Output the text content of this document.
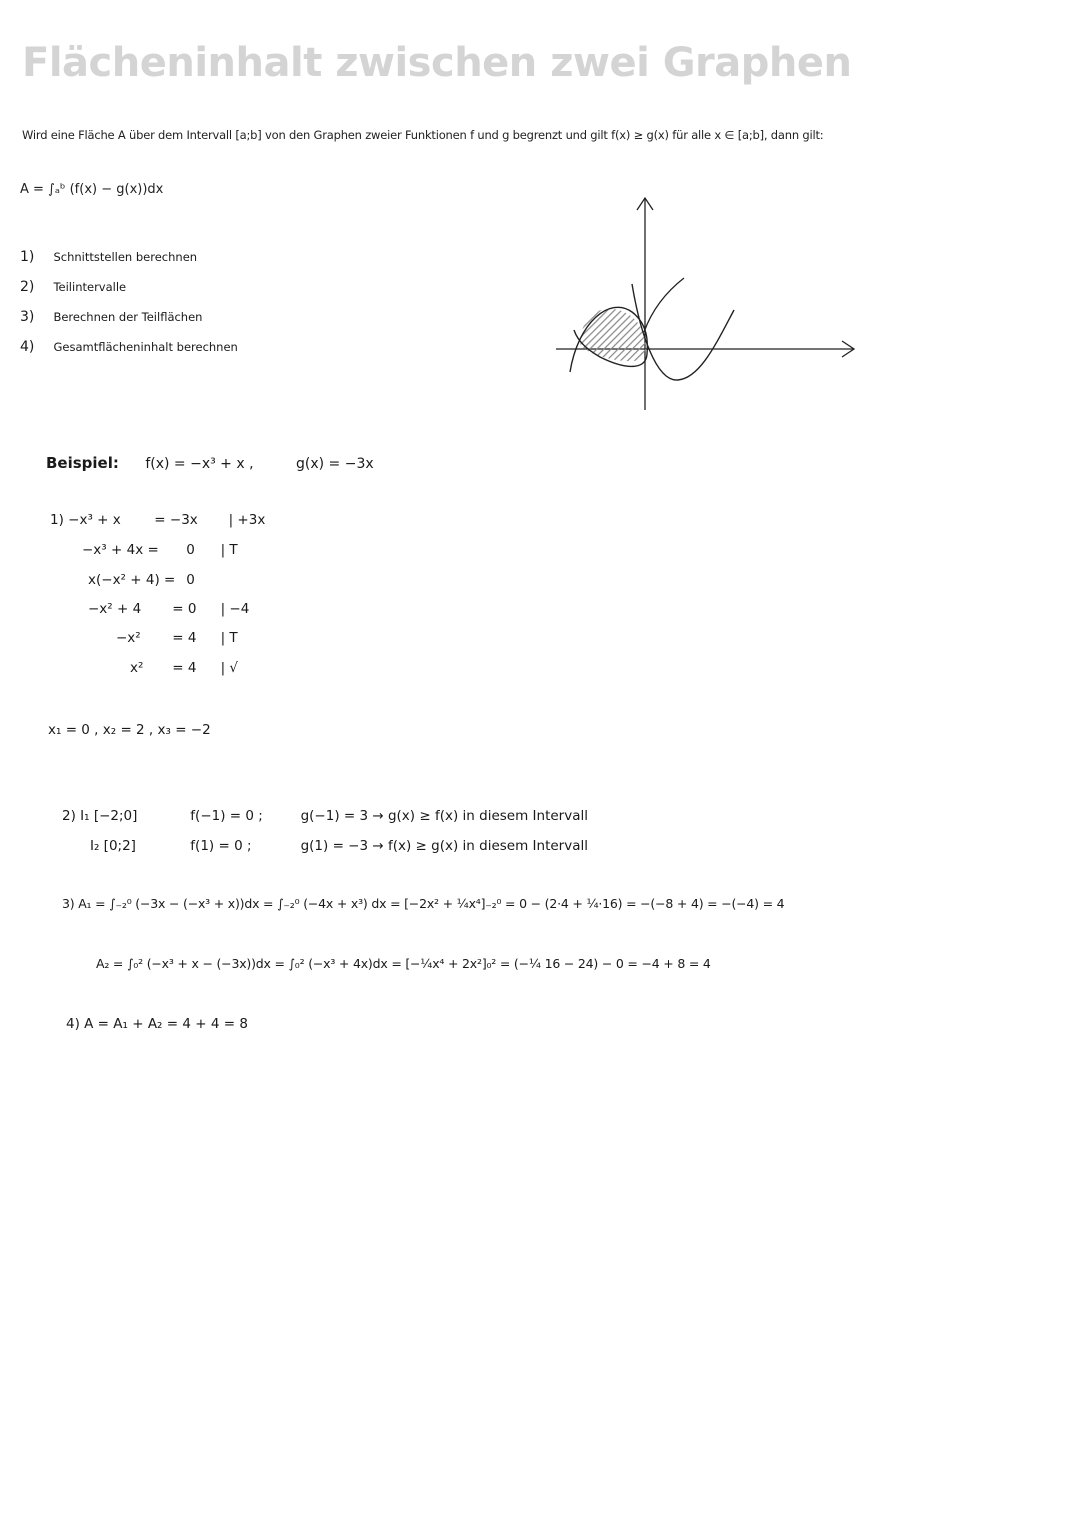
Flächeninhalt zwischen zwei Graphen
Wird eine Fläche A über dem Intervall [a;b] von den Graphen zweier Funktionen f und g begrenzt und gilt f(x) ≥ g(x) für alle x ∈ [a;b], dann gilt:
A = ∫ₐᵇ (f(x) − g(x))dx
1) Schnittstellen berechnen
2) Teilintervalle
3) Berechnen der Teilflächen
4) Gesamtflächeninhalt berechnen
Beispiel: f(x) = −x³ + x ,	g(x) = −3x
1) −x³ + x = −3x | +3x
−x³ + 4x = 0 | T
x(−x² + 4) = 0
−x² + 4 = 0 | −4
−x² = 4 | T
x² = 4 | √
x₁ = 0 , x₂ = 2 , x₃ = −2
2) I₁ [−2;0]	f(−1) = 0 ;	g(−1) = 3 → g(x) ≥ f(x) in diesem Intervall
I₂ [0;2]	f(1) = 0 ;	g(1) = −3 → f(x) ≥ g(x) in diesem Intervall
3) A₁ = ∫₋₂⁰ (−3x − (−x³ + x))dx = ∫₋₂⁰ (−4x + x³) dx = [−2x² + ¼x⁴]₋₂⁰ = 0 − (2·4 + ¼·16) = −(−8 + 4) = −(−4) = 4
A₂ = ∫₀² (−x³ + x − (−3x))dx = ∫₀² (−x³ + 4x)dx = [−¼x⁴ + 2x²]₀² = (−¼ 16 − 24) − 0 = −4 + 8 = 4
4) A = A₁ + A₂ = 4 + 4 = 8
